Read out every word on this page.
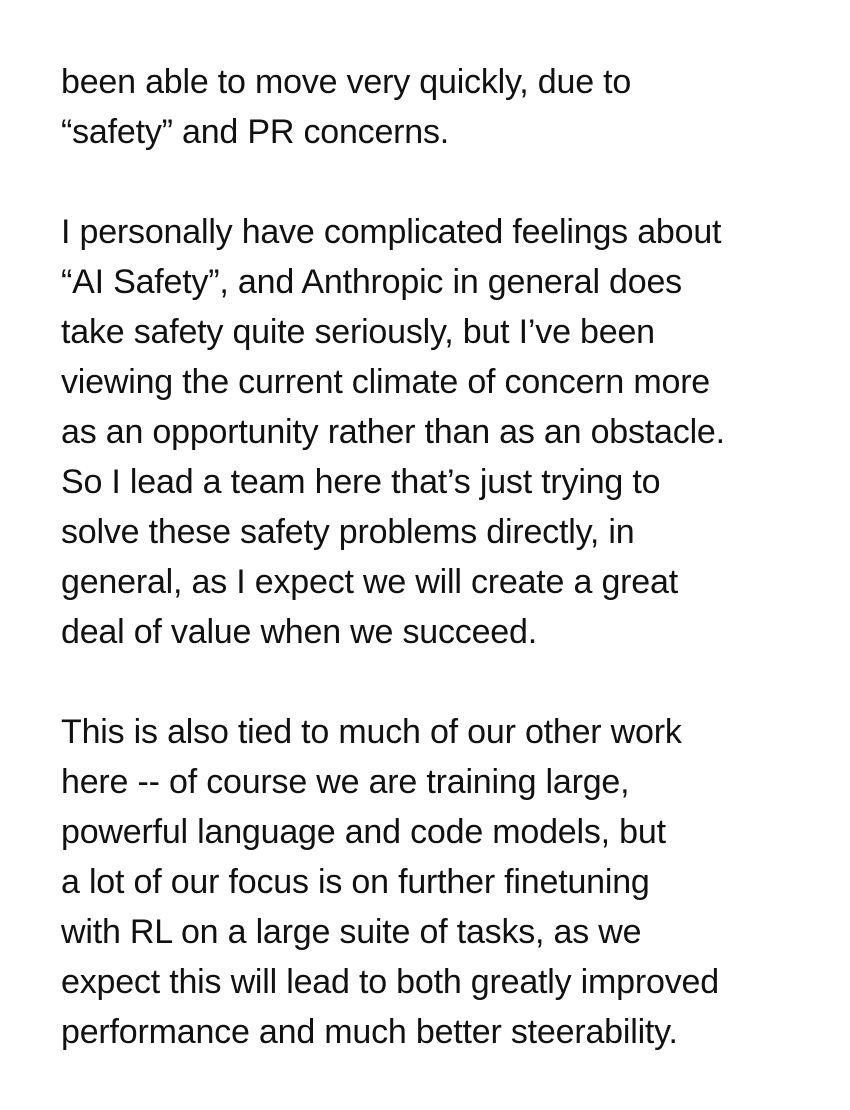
been able to move very quickly, due to
“safety” and PR concerns.

I personally have complicated feelings about
“AI Safety”, and Anthropic in general does
take safety quite seriously, but I’ve been
viewing the current climate of concern more
as an opportunity rather than as an obstacle.
So I lead a team here that’s just trying to
solve these safety problems directly, in
general, as I expect we will create a great
deal of value when we succeed.

This is also tied to much of our other work
here -- of course we are training large,
powerful language and code models, but
a lot of our focus is on further finetuning
with RL on a large suite of tasks, as we
expect this will lead to both greatly improved
performance and much better steerability.
